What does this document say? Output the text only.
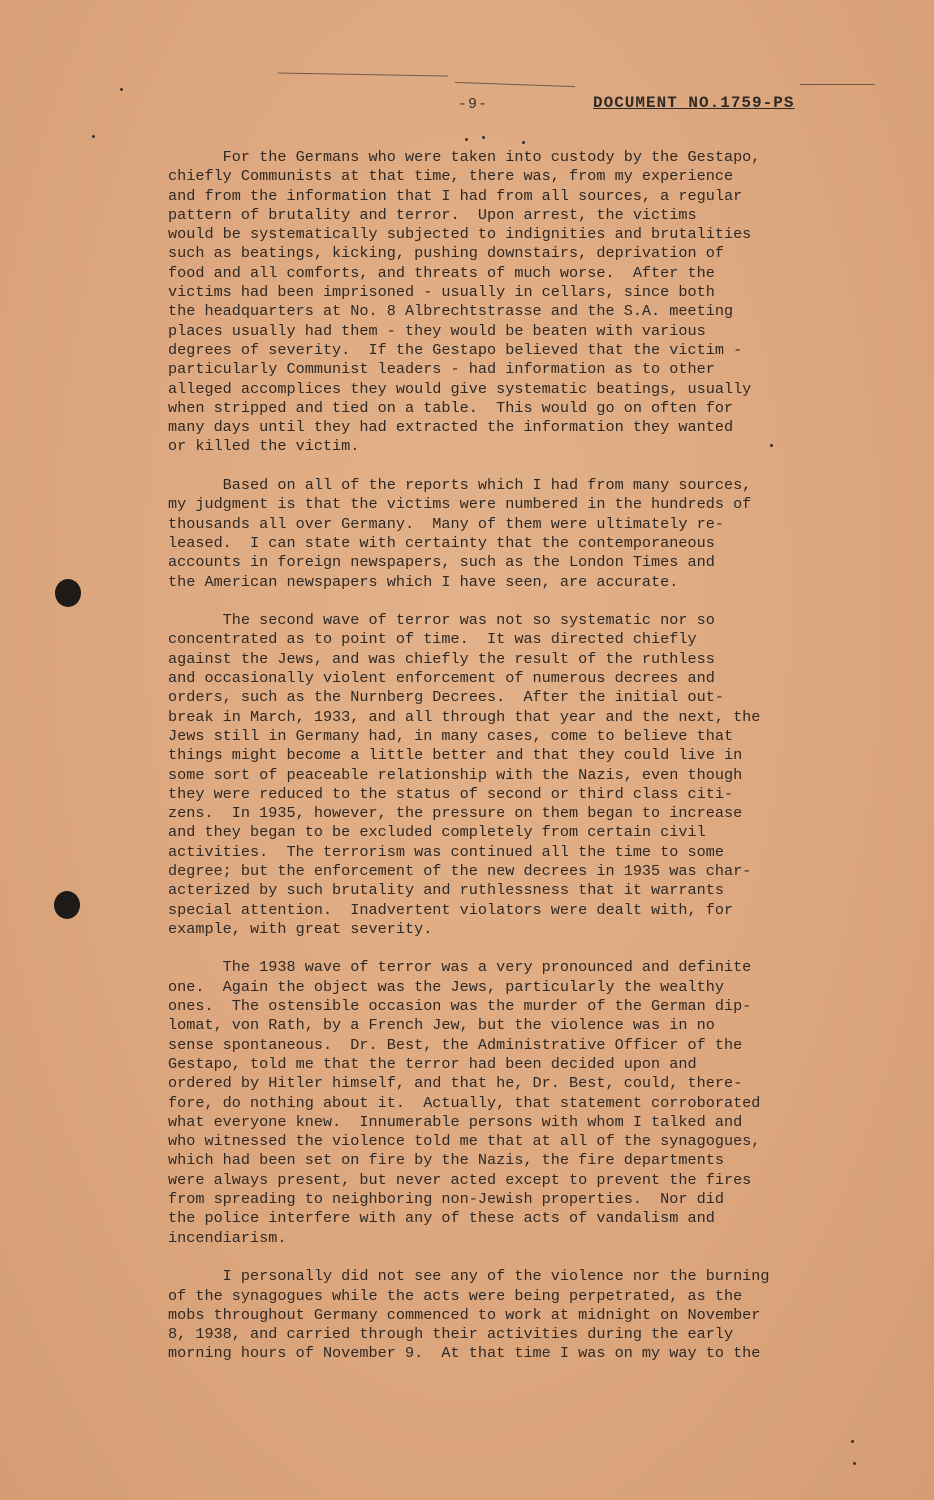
-9-	DOCUMENT NO.1759-PS

For the Germans who were taken into custody by the Gestapo,
chiefly Communists at that time, there was, from my experience
and from the information that I had from all sources, a regular
pattern of brutality and terror.  Upon arrest, the victims
would be systematically subjected to indignities and brutalities
such as beatings, kicking, pushing downstairs, deprivation of
food and all comforts, and threats of much worse.  After the
victims had been imprisoned - usually in cellars, since both
the headquarters at No. 8 Albrechtstrasse and the S.A. meeting
places usually had them - they would be beaten with various
degrees of severity.  If the Gestapo believed that the victim -
particularly Communist leaders - had information as to other
alleged accomplices they would give systematic beatings, usually
when stripped and tied on a table.  This would go on often for
many days until they had extracted the information they wanted
or killed the victim.

Based on all of the reports which I had from many sources,
my judgment is that the victims were numbered in the hundreds of
thousands all over Germany.  Many of them were ultimately re-
leased.  I can state with certainty that the contemporaneous
accounts in foreign newspapers, such as the London Times and
the American newspapers which I have seen, are accurate.

The second wave of terror was not so systematic nor so
concentrated as to point of time.  It was directed chiefly
against the Jews, and was chiefly the result of the ruthless
and occasionally violent enforcement of numerous decrees and
orders, such as the Nurnberg Decrees.  After the initial out-
break in March, 1933, and all through that year and the next, the
Jews still in Germany had, in many cases, come to believe that
things might become a little better and that they could live in
some sort of peaceable relationship with the Nazis, even though
they were reduced to the status of second or third class citi-
zens.  In 1935, however, the pressure on them began to increase
and they began to be excluded completely from certain civil
activities.  The terrorism was continued all the time to some
degree; but the enforcement of the new decrees in 1935 was char-
acterized by such brutality and ruthlessness that it warrants
special attention.  Inadvertent violators were dealt with, for
example, with great severity.

The 1938 wave of terror was a very pronounced and definite
one.  Again the object was the Jews, particularly the wealthy
ones.  The ostensible occasion was the murder of the German dip-
lomat, von Rath, by a French Jew, but the violence was in no
sense spontaneous.  Dr. Best, the Administrative Officer of the
Gestapo, told me that the terror had been decided upon and
ordered by Hitler himself, and that he, Dr. Best, could, there-
fore, do nothing about it.  Actually, that statement corroborated
what everyone knew.  Innumerable persons with whom I talked and
who witnessed the violence told me that at all of the synagogues,
which had been set on fire by the Nazis, the fire departments
were always present, but never acted except to prevent the fires
from spreading to neighboring non-Jewish properties.  Nor did
the police interfere with any of these acts of vandalism and
incendiarism.

I personally did not see any of the violence nor the burning
of the synagogues while the acts were being perpetrated, as the
mobs throughout Germany commenced to work at midnight on November
8, 1938, and carried through their activities during the early
morning hours of November 9.  At that time I was on my way to the
